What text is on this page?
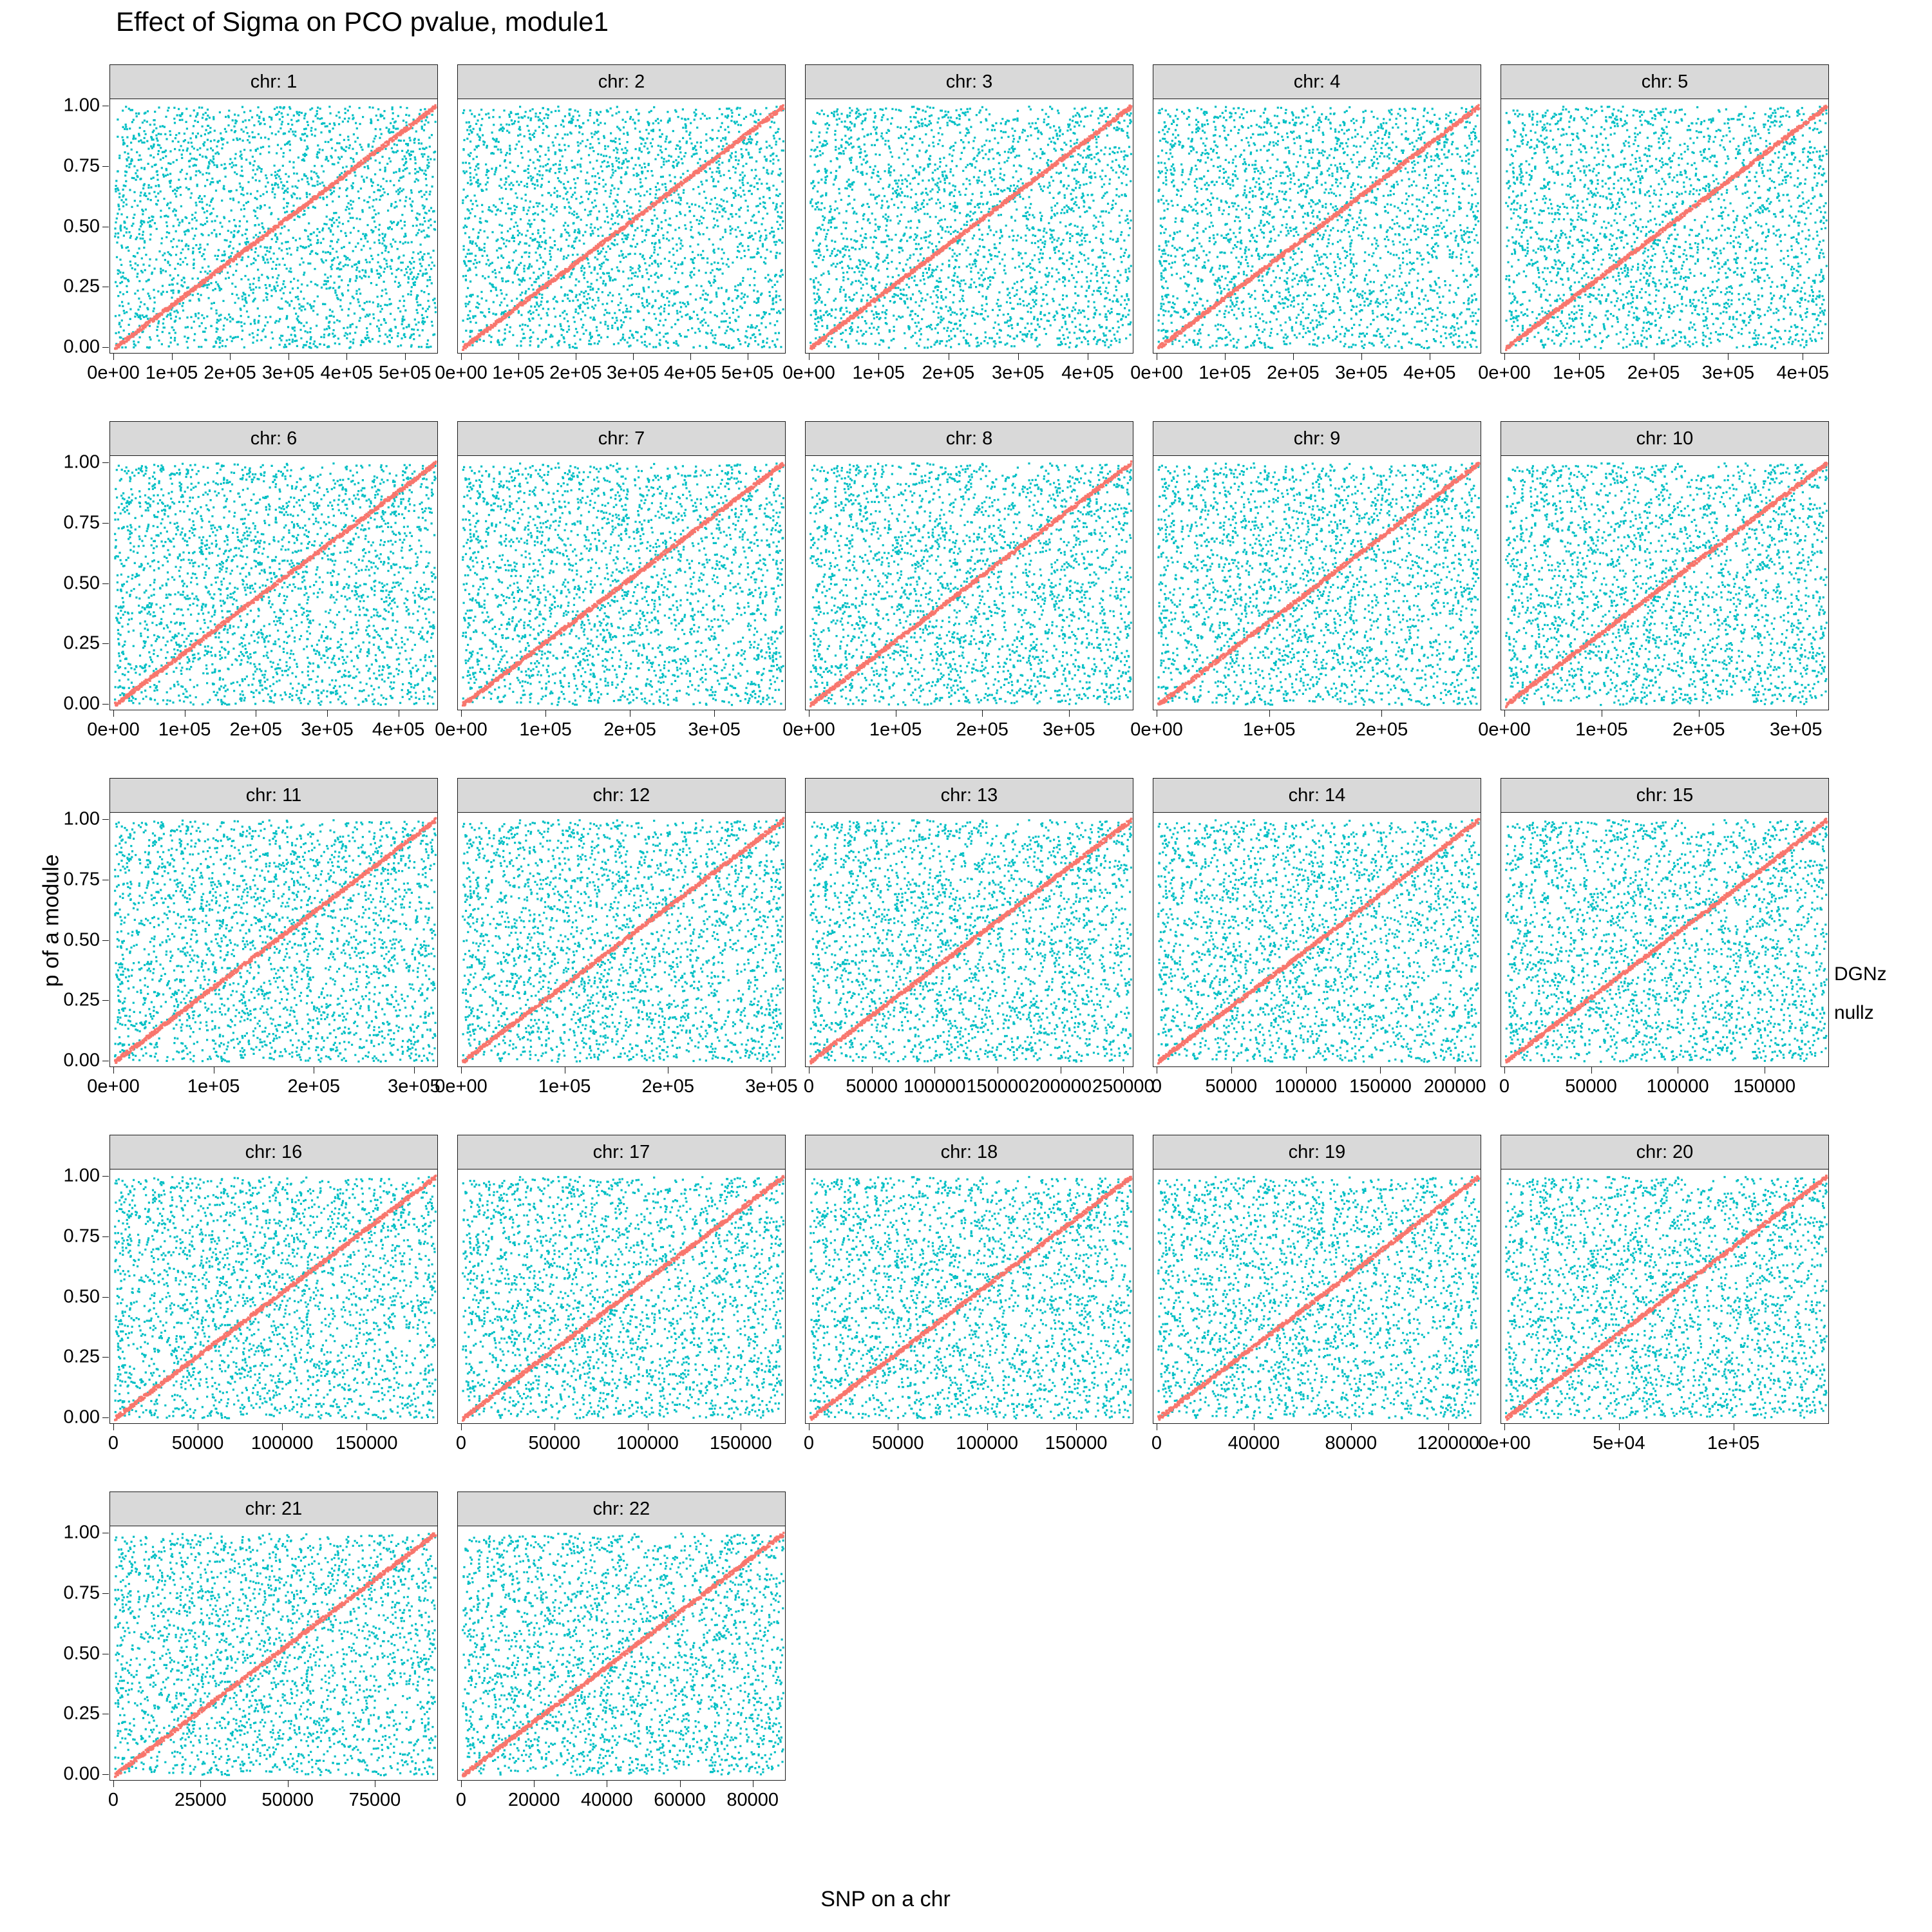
Effect of Sigma on PCO pvalue, module1
p of a module
SNP on a chr
DGNz
nullz
chr: 1
0.00
0.25
0.50
0.75
1.00
0e+00 1e+05 2e+05 3e+05 4e+05 5e+05
chr: 2
0e+00 1e+05 2e+05 3e+05 4e+05 5e+05
chr: 3
0e+00 1e+05 2e+05 3e+05 4e+05
chr: 4
0e+00 1e+05 2e+05 3e+05 4e+05
chr: 5
0e+00 1e+05 2e+05 3e+05 4e+05
chr: 6
0.00
0.25
0.50
0.75
1.00
0e+00 1e+05 2e+05 3e+05 4e+05
chr: 7
0e+00 1e+05 2e+05 3e+05
chr: 8
0e+00 1e+05 2e+05 3e+05
chr: 9
0e+00	1e+05	2e+05
chr: 10
0e+00 1e+05 2e+05 3e+05
chr: 11
0.00
0.25
0.50
0.75
1.00
0e+00	1e+05	2e+05	3e+05
chr: 12
0e+00	1e+05	2e+05	3e+05
chr: 13
0 50000 100000 150000 200000 250000
chr: 14
0 50000 100000 150000 200000
chr: 15
0	50000 100000 150000
chr: 16
0.00
0.25
0.50
0.75
1.00
0	50000 100000 150000
chr: 17
0	50000 100000 150000
chr: 18
0	50000 100000 150000
chr: 19
0	40000 80000 120000
chr: 20
0e+00	5e+04	1e+05
chr: 21
0.00
0.25
0.50
0.75
1.00
0	25000 50000 75000
chr: 22
0 20000 40000 60000 80000
